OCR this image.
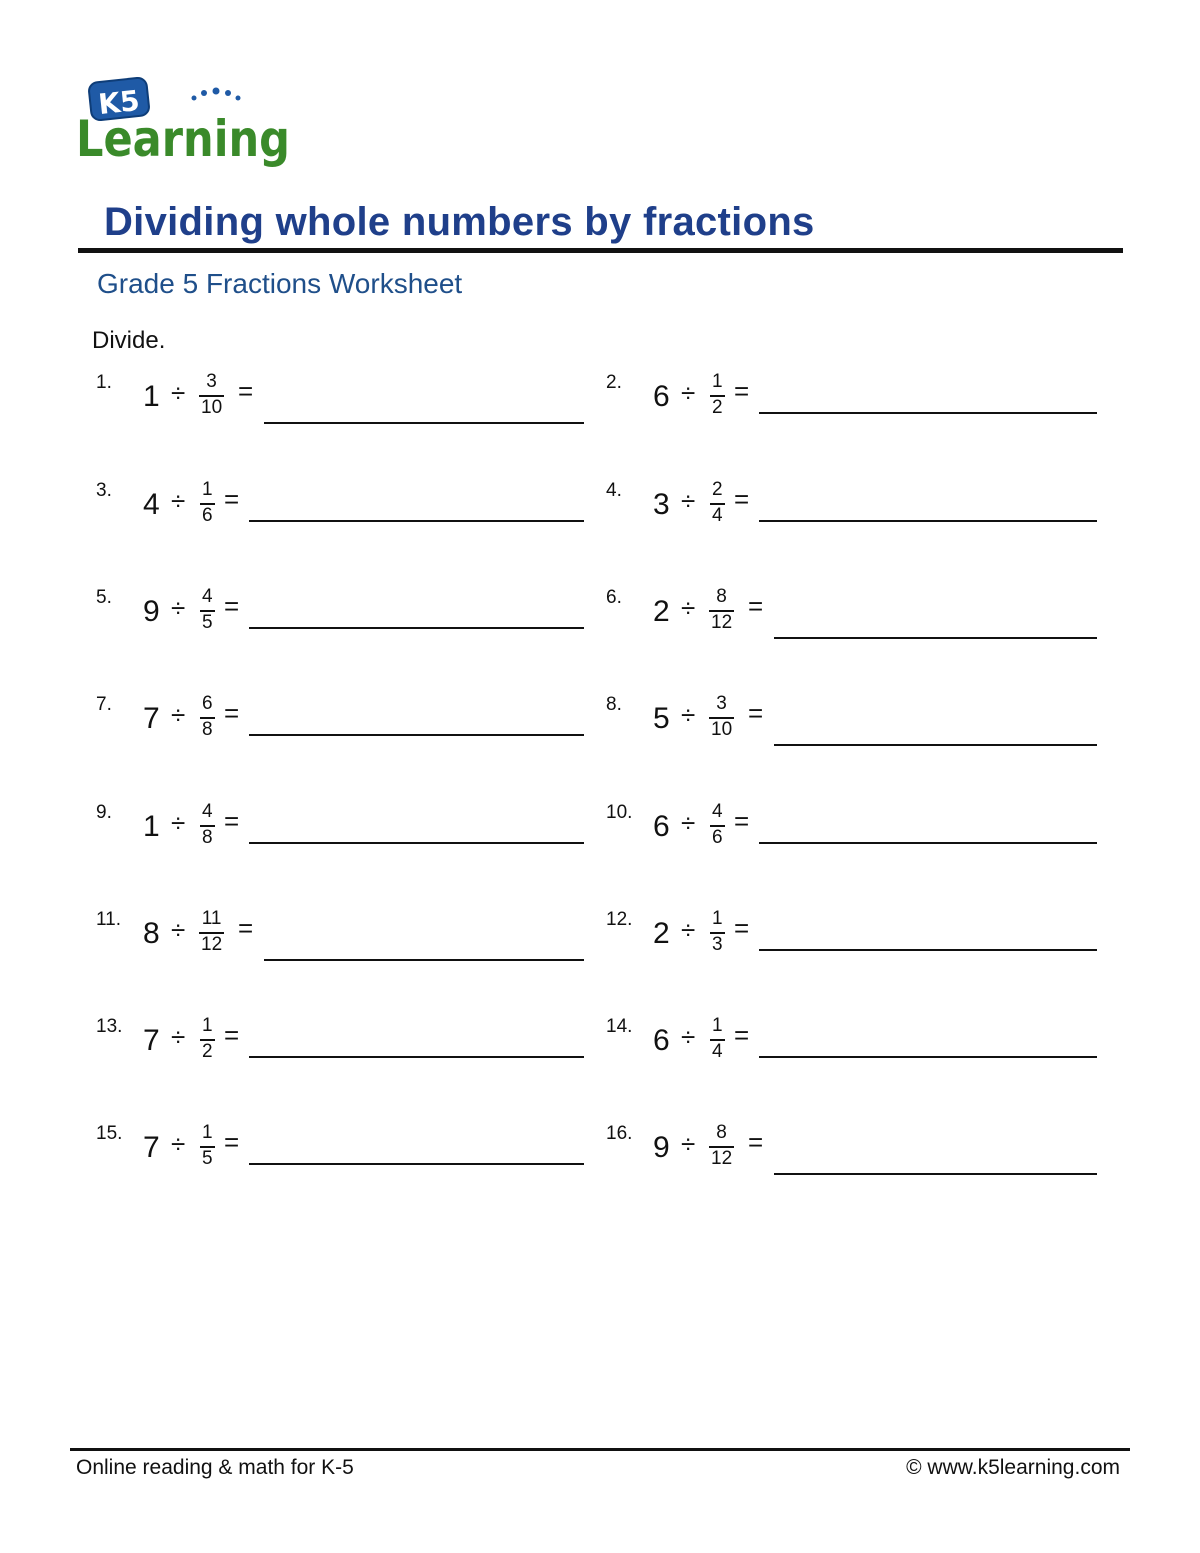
K5
Learning
Dividing whole numbers by fractions
Grade 5 Fractions Worksheet
Divide.
1. 1 ÷ 3
10
=	2. 6 ÷ 1
2
=
3. 4 ÷ 1
6
=	4. 3 ÷ 2
4
=
5. 9 ÷ 4
5
=	6. 2 ÷ 8
12
=
7. 7 ÷ 6
8
=	8. 5 ÷ 3
10
=
9. 1 ÷ 4
8
=	10. 6 ÷ 4
6
=
11. 8 ÷ 11
12
=	12. 2 ÷ 1
3
=
13. 7 ÷ 1
2
=	14. 6 ÷ 1
4
=
15. 7 ÷ 1
5
=	16. 9 ÷ 8
12
=
Online reading & math for K-5	© www.k5learning.com
